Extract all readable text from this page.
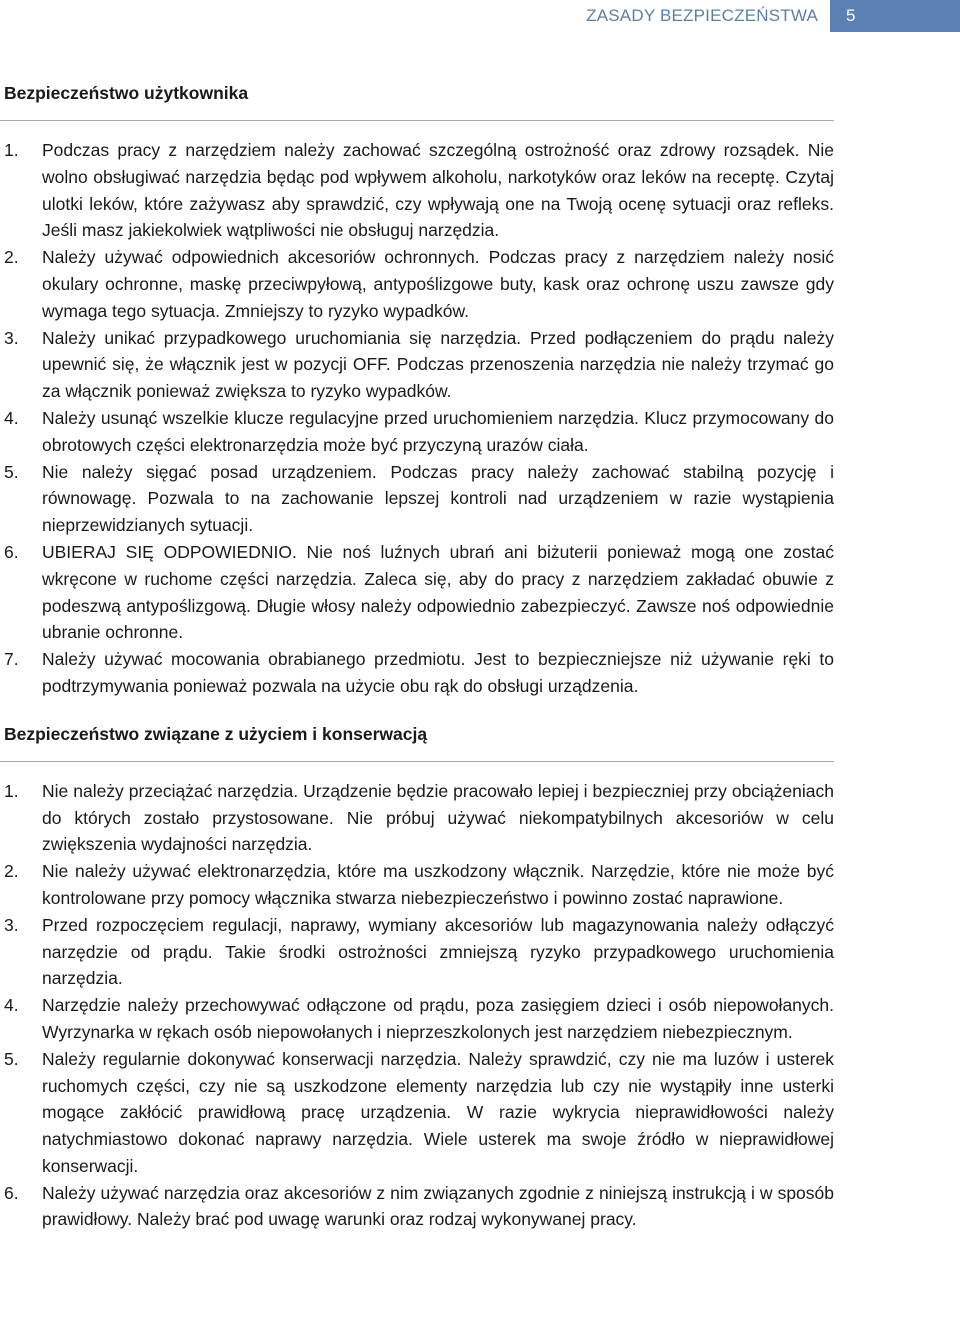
ZASADY BEZPIECZEŃSTWA	5
Bezpieczeństwo użytkownika
1. Podczas pracy z narzędziem należy zachować szczególną ostrożność oraz zdrowy rozsądek. Nie wolno obsługiwać narzędzia będąc pod wpływem alkoholu, narkotyków oraz leków na receptę. Czytaj ulotki leków, które zażywasz aby sprawdzić, czy wpływają one na Twoją ocenę sytuacji oraz refleks. Jeśli masz jakiekolwiek wątpliwości nie obsługuj narzędzia.
2. Należy używać odpowiednich akcesoriów ochronnych. Podczas pracy z narzędziem należy nosić okulary ochronne, maskę przeciwpyłową, antypoślizgowe buty, kask oraz ochronę uszu zawsze gdy wymaga tego sytuacja. Zmniejszy to ryzyko wypadków.
3. Należy unikać przypadkowego uruchomiania się narzędzia. Przed podłączeniem do prądu należy upewnić się, że włącznik jest w pozycji OFF. Podczas przenoszenia narzędzia nie należy trzymać go za włącznik ponieważ zwiększa to ryzyko wypadków.
4. Należy usunąć wszelkie klucze regulacyjne przed uruchomieniem narzędzia. Klucz przymocowany do obrotowych części elektronarzędzia może być przyczyną urazów ciała.
5. Nie należy sięgać posad urządzeniem. Podczas pracy należy zachować stabilną pozycję i równowagę. Pozwala to na zachowanie lepszej kontroli nad urządzeniem w razie wystąpienia nieprzewidzianych sytuacji.
6. UBIERAJ SIĘ ODPOWIEDNIO. Nie noś luźnych ubrań ani biżuterii ponieważ mogą one zostać wkręcone w ruchome części narzędzia. Zaleca się, aby do pracy z narzędziem zakładać obuwie z podeszwą antypoślizgową. Długie włosy należy odpowiednio zabezpieczyć. Zawsze noś odpowiednie ubranie ochronne.
7. Należy używać mocowania obrabianego przedmiotu. Jest to bezpieczniejsze niż używanie ręki to podtrzymywania ponieważ pozwala na użycie obu rąk do obsługi urządzenia.
Bezpieczeństwo związane z użyciem i konserwacją
1. Nie należy przeciążać narzędzia. Urządzenie będzie pracowało lepiej i bezpieczniej przy obciążeniach do których zostało przystosowane. Nie próbuj używać niekompatybilnych akcesoriów w celu zwiększenia wydajności narzędzia.
2. Nie należy używać elektronarzędzia, które ma uszkodzony włącznik. Narzędzie, które nie może być kontrolowane przy pomocy włącznika stwarza niebezpieczeństwo i powinno zostać naprawione.
3. Przed rozpoczęciem regulacji, naprawy, wymiany akcesoriów lub magazynowania należy odłączyć narzędzie od prądu. Takie środki ostrożności zmniejszą ryzyko przypadkowego uruchomienia narzędzia.
4. Narzędzie należy przechowywać odłączone od prądu, poza zasięgiem dzieci i osób niepowołanych. Wyrzynarka w rękach osób niepowołanych i nieprzeszkolonych jest narzędziem niebezpiecznym.
5. Należy regularnie dokonywać konserwacji narzędzia. Należy sprawdzić, czy nie ma luzów i usterek ruchomych części, czy nie są uszkodzone elementy narzędzia lub czy nie wystąpiły inne usterki mogące zakłócić prawidłową pracę urządzenia. W razie wykrycia nieprawidłowości należy natychmiastowo dokonać naprawy narzędzia. Wiele usterek ma swoje źródło w nieprawidłowej konserwacji.
6. Należy używać narzędzia oraz akcesoriów z nim związanych zgodnie z niniejszą instrukcją i w sposób prawidłowy. Należy brać pod uwagę warunki oraz rodzaj wykonywanej pracy.
